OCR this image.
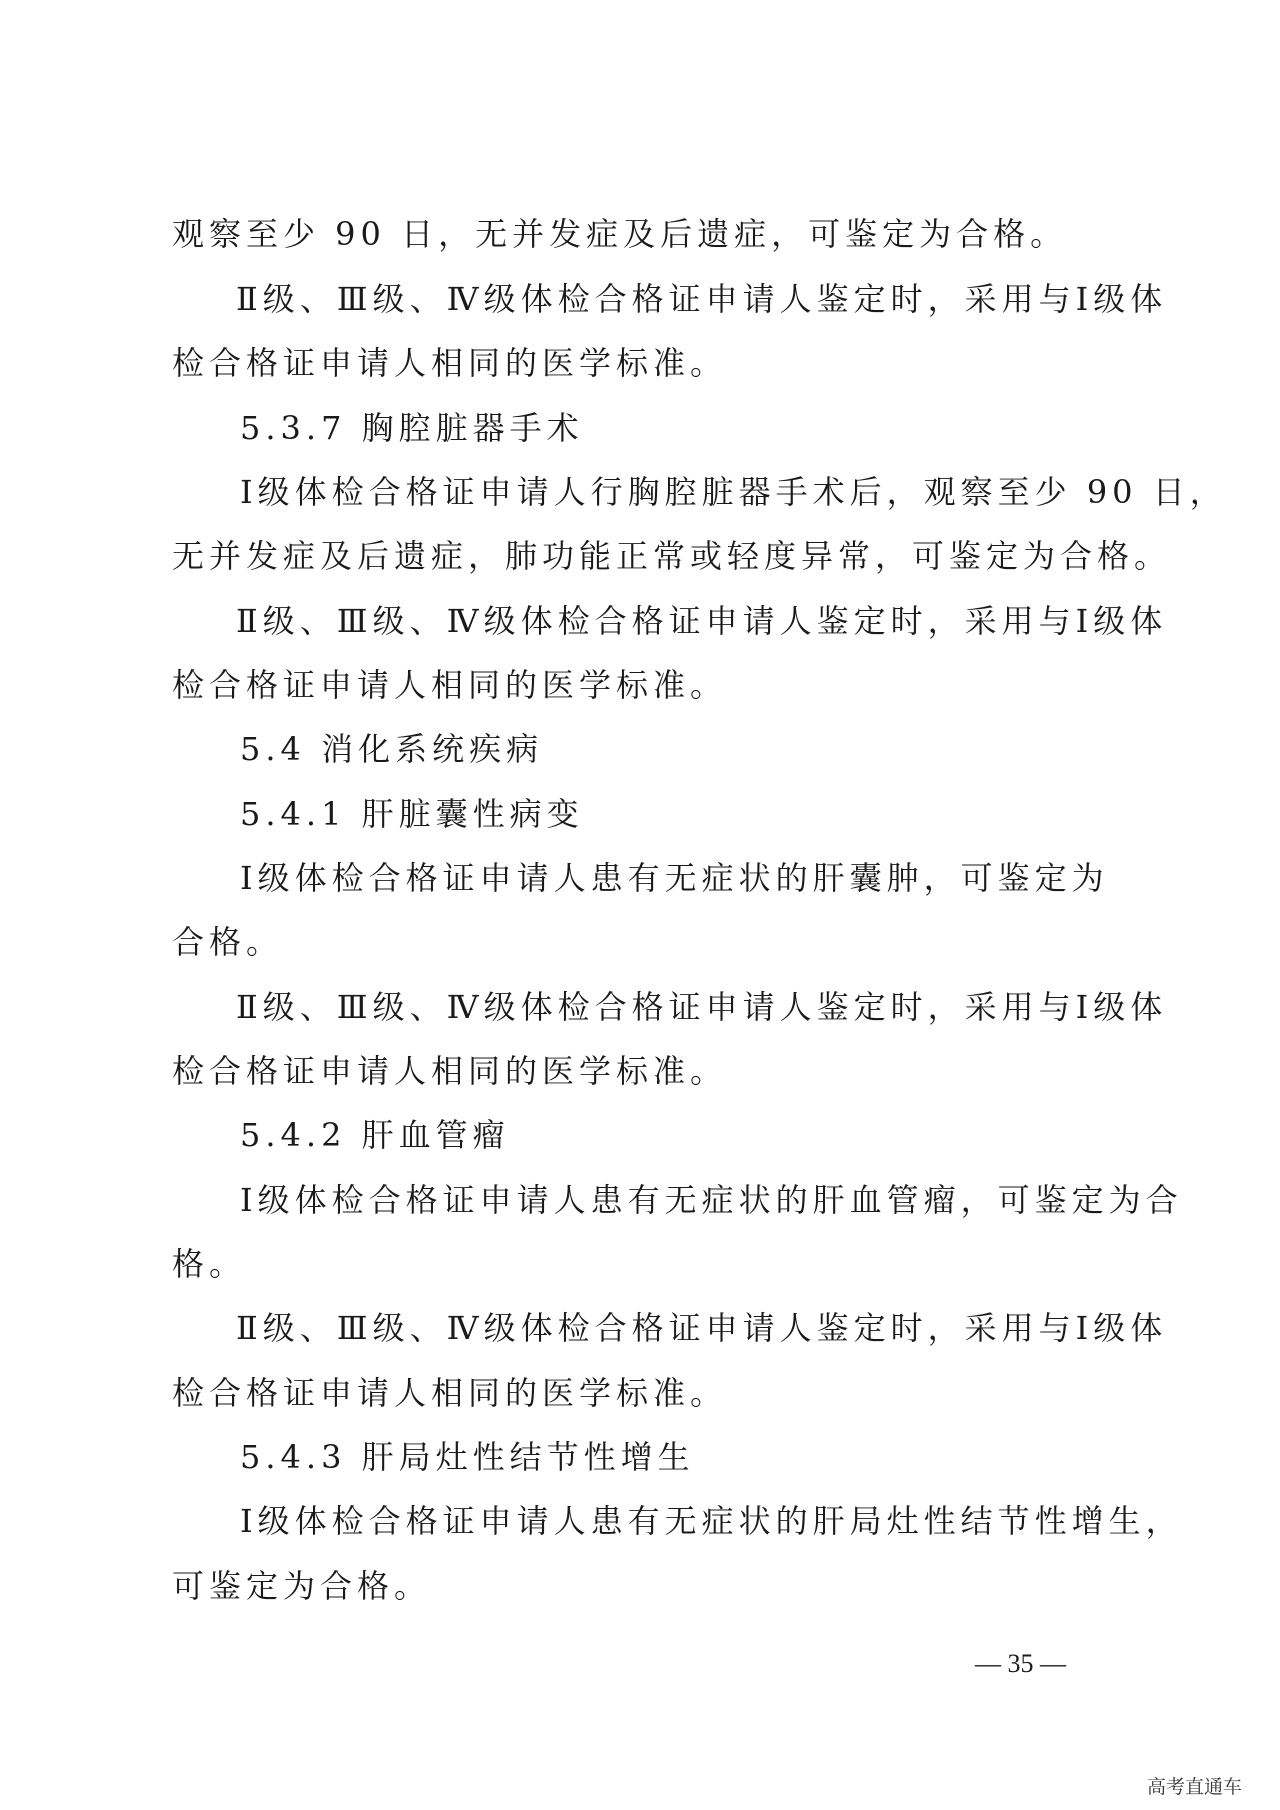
观察至少 90 日，无并发症及后遗症，可鉴定为合格。
Ⅱ级、Ⅲ级、Ⅳ级体检合格证申请人鉴定时，采用与Ⅰ级体
检合格证申请人相同的医学标准。
5.3.7 胸腔脏器手术
Ⅰ级体检合格证申请人行胸腔脏器手术后，观察至少 90 日，
无并发症及后遗症，肺功能正常或轻度异常，可鉴定为合格。
Ⅱ级、Ⅲ级、Ⅳ级体检合格证申请人鉴定时，采用与Ⅰ级体
检合格证申请人相同的医学标准。
5.4 消化系统疾病
5.4.1 肝脏囊性病变
Ⅰ级体检合格证申请人患有无症状的肝囊肿，可鉴定为
合格。
Ⅱ级、Ⅲ级、Ⅳ级体检合格证申请人鉴定时，采用与Ⅰ级体
检合格证申请人相同的医学标准。
5.4.2 肝血管瘤
Ⅰ级体检合格证申请人患有无症状的肝血管瘤，可鉴定为合
格。
Ⅱ级、Ⅲ级、Ⅳ级体检合格证申请人鉴定时，采用与Ⅰ级体
检合格证申请人相同的医学标准。
5.4.3 肝局灶性结节性增生
Ⅰ级体检合格证申请人患有无症状的肝局灶性结节性增生，
可鉴定为合格。
— 35 —
高考直通车
